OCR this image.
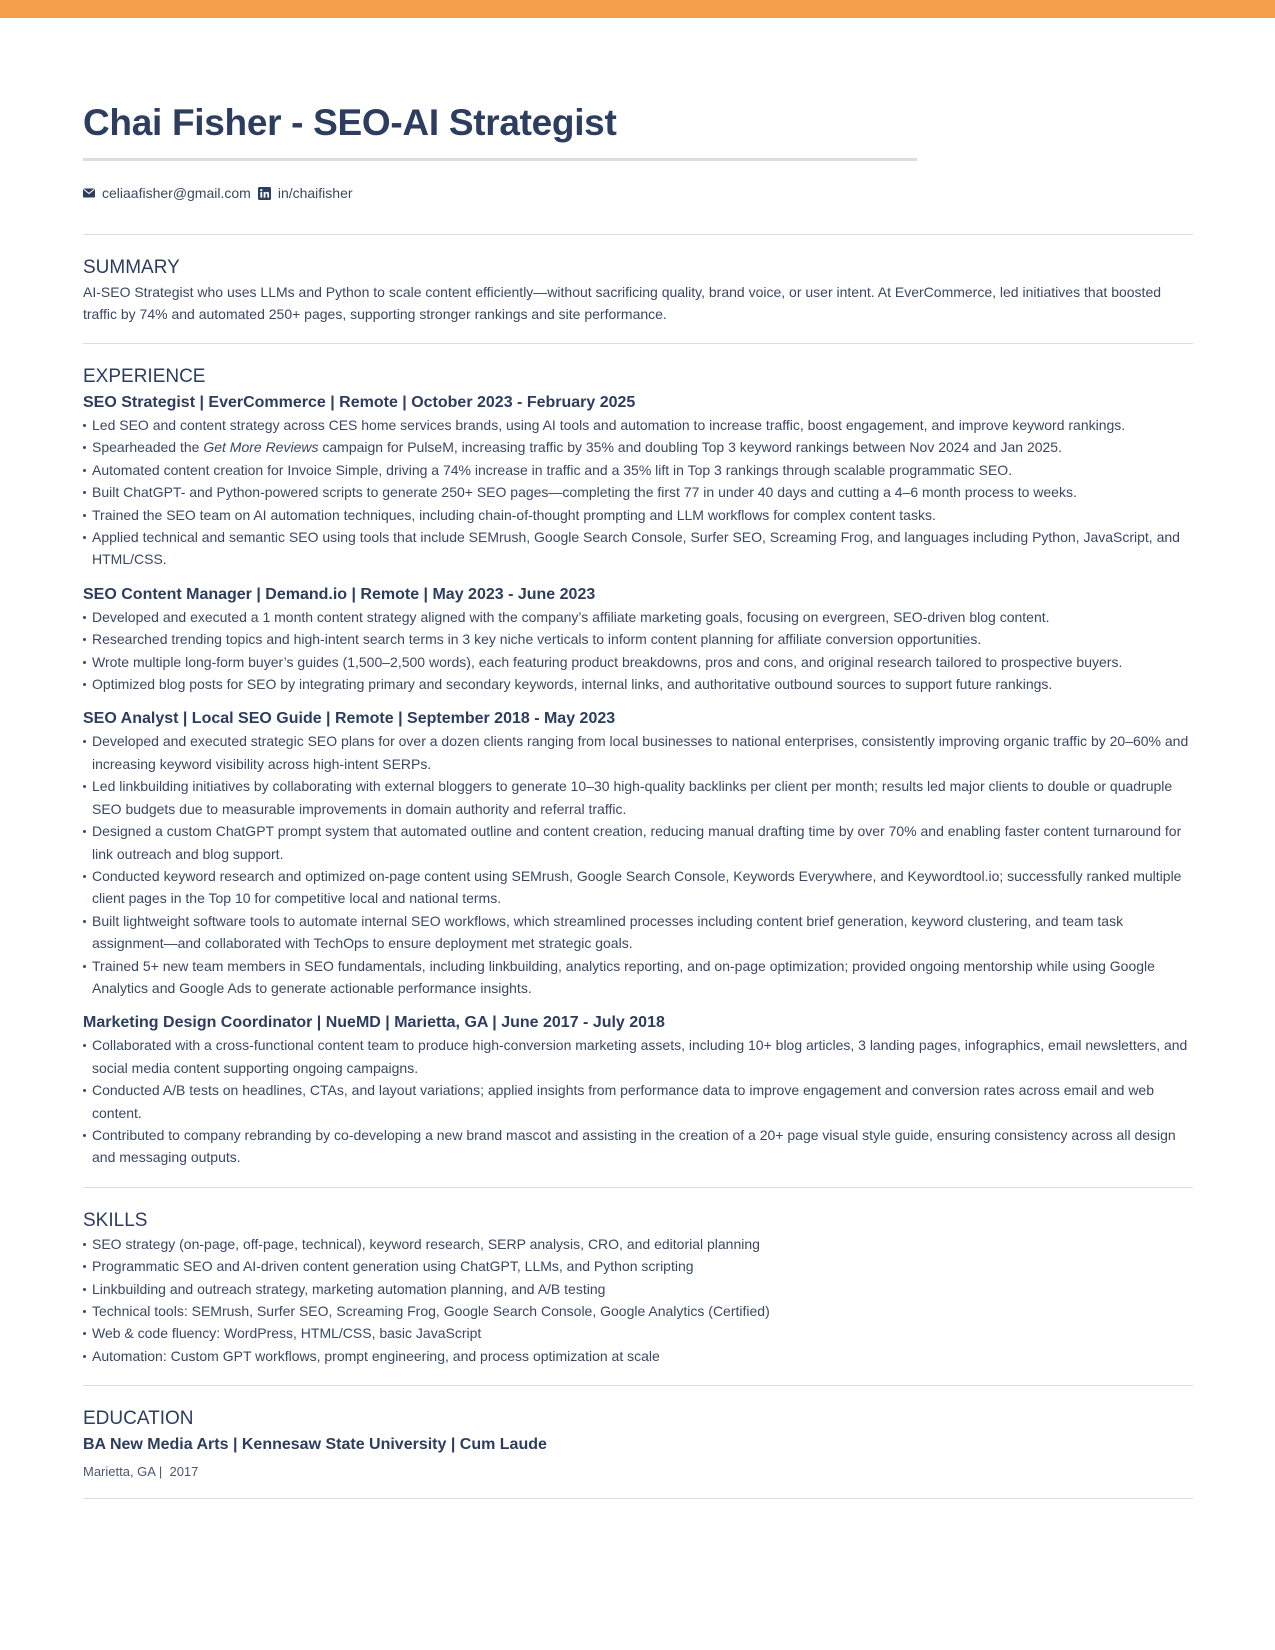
Chai Fisher - SEO-AI Strategist
celiaafisher@gmail.com in/chaifisher
SUMMARY

AI-SEO Strategist who uses LLMs and Python to scale content efficiently—without sacrificing quality, brand voice, or user intent. At EverCommerce, led initiatives that boosted traffic by 74% and automated 250+ pages, supporting stronger rankings and site performance.

EXPERIENCE
SEO Strategist | EverCommerce | Remote | October 2023 - February 2025
Led SEO and content strategy across CES home services brands, using AI tools and automation to increase traffic, boost engagement, and improve keyword rankings.
Spearheaded the Get More Reviews campaign for PulseM, increasing traffic by 35% and doubling Top 3 keyword rankings between Nov 2024 and Jan 2025.
Automated content creation for Invoice Simple, driving a 74% increase in traffic and a 35% lift in Top 3 rankings through scalable programmatic SEO.
Built ChatGPT- and Python-powered scripts to generate 250+ SEO pages—completing the first 77 in under 40 days and cutting a 4–6 month process to weeks.
Trained the SEO team on AI automation techniques, including chain-of-thought prompting and LLM workflows for complex content tasks.
Applied technical and semantic SEO using tools that include SEMrush, Google Search Console, Surfer SEO, Screaming Frog, and languages including Python, JavaScript, and HTML/CSS.
SEO Content Manager | Demand.io | Remote | May 2023 - June 2023
Developed and executed a 1 month content strategy aligned with the company’s affiliate marketing goals, focusing on evergreen, SEO-driven blog content.
Researched trending topics and high-intent search terms in 3 key niche verticals to inform content planning for affiliate conversion opportunities.
Wrote multiple long-form buyer’s guides (1,500–2,500 words), each featuring product breakdowns, pros and cons, and original research tailored to prospective buyers.
Optimized blog posts for SEO by integrating primary and secondary keywords, internal links, and authoritative outbound sources to support future rankings.
SEO Analyst | Local SEO Guide | Remote | September 2018 - May 2023
Developed and executed strategic SEO plans for over a dozen clients ranging from local businesses to national enterprises, consistently improving organic traffic by 20–60% and increasing keyword visibility across high-intent SERPs.
Led linkbuilding initiatives by collaborating with external bloggers to generate 10–30 high-quality backlinks per client per month; results led major clients to double or quadruple SEO budgets due to measurable improvements in domain authority and referral traffic.
Designed a custom ChatGPT prompt system that automated outline and content creation, reducing manual drafting time by over 70% and enabling faster content turnaround for link outreach and blog support.
Conducted keyword research and optimized on-page content using SEMrush, Google Search Console, Keywords Everywhere, and Keywordtool.io; successfully ranked multiple client pages in the Top 10 for competitive local and national terms.
Built lightweight software tools to automate internal SEO workflows, which streamlined processes including content brief generation, keyword clustering, and team task assignment—and collaborated with TechOps to ensure deployment met strategic goals.
Trained 5+ new team members in SEO fundamentals, including linkbuilding, analytics reporting, and on-page optimization; provided ongoing mentorship while using Google Analytics and Google Ads to generate actionable performance insights.
Marketing Design Coordinator | NueMD | Marietta, GA | June 2017 - July 2018
Collaborated with a cross-functional content team to produce high-conversion marketing assets, including 10+ blog articles, 3 landing pages, infographics, email newsletters, and social media content supporting ongoing campaigns.
Conducted A/B tests on headlines, CTAs, and layout variations; applied insights from performance data to improve engagement and conversion rates across email and web content.
Contributed to company rebranding by co-developing a new brand mascot and assisting in the creation of a 20+ page visual style guide, ensuring consistency across all design and messaging outputs.
SKILLS
SEO strategy (on-page, off-page, technical), keyword research, SERP analysis, CRO, and editorial planning
Programmatic SEO and AI-driven content generation using ChatGPT, LLMs, and Python scripting
Linkbuilding and outreach strategy, marketing automation planning, and A/B testing
Technical tools: SEMrush, Surfer SEO, Screaming Frog, Google Search Console, Google Analytics (Certified)
Web & code fluency: WordPress, HTML/CSS, basic JavaScript
Automation: Custom GPT workflows, prompt engineering, and process optimization at scale
EDUCATION
BA New Media Arts | Kennesaw State University | Cum Laude
Marietta, GA |  2017
